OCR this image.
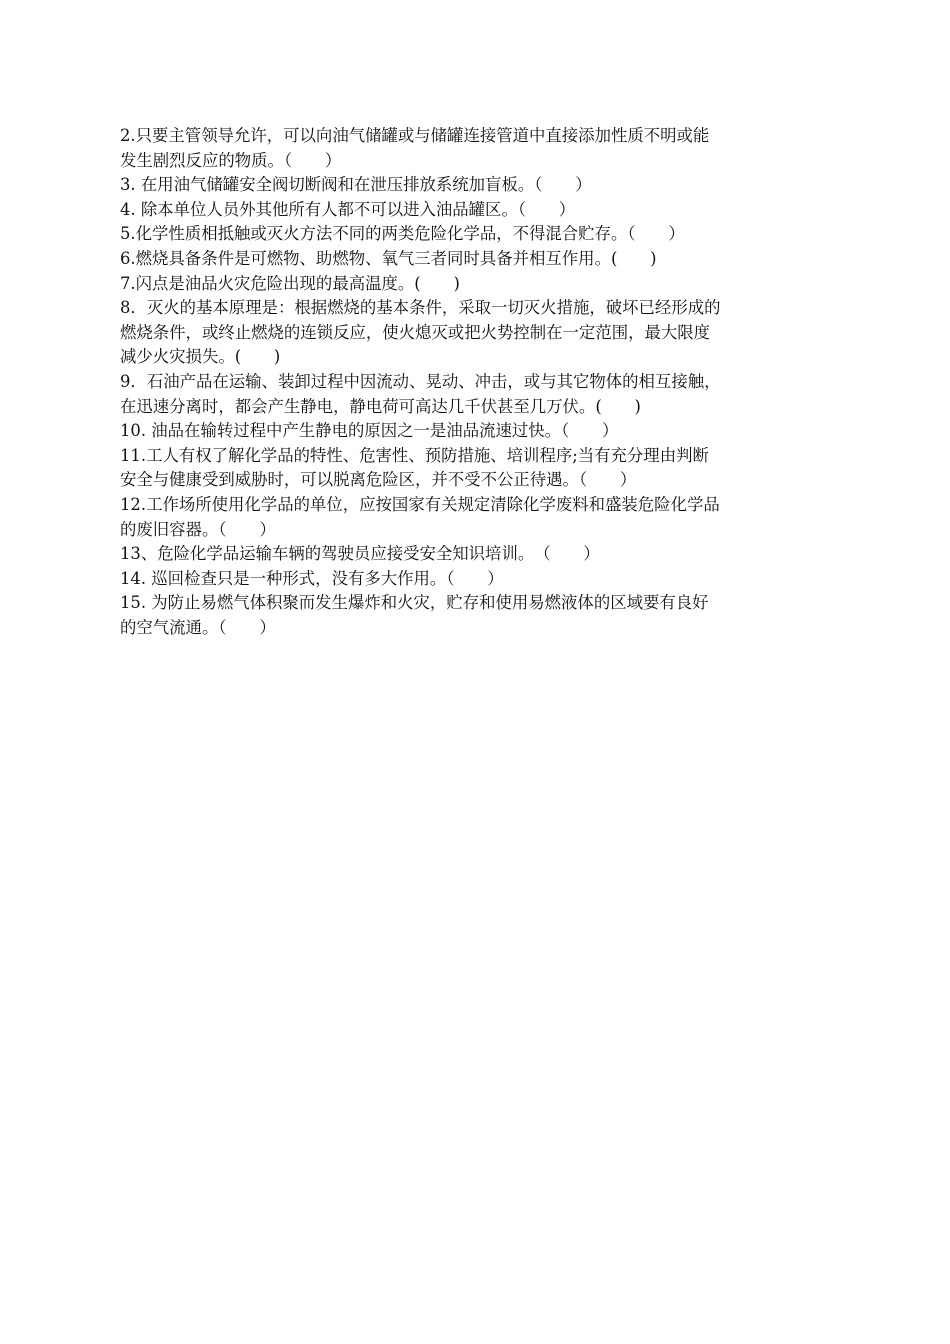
2.只要主管领导允许，可以向油气储罐或与储罐连接管道中直接添加性质不明或能
发生剧烈反应的物质。（　　）
3. 在用油气储罐安全阀切断阀和在泄压排放系统加盲板。（　　）
4. 除本单位人员外其他所有人都不可以进入油品罐区。（　　）
5.化学性质相抵触或灭火方法不同的两类危险化学品，不得混合贮存。（　　）
6.燃烧具备条件是可燃物、助燃物、氧气三者同时具备并相互作用。(　　)
7.闪点是油品火灾危险出现的最高温度。(　　)
8．灭火的基本原理是：根据燃烧的基本条件，采取一切灭火措施，破坏已经形成的
燃烧条件，或终止燃烧的连锁反应，使火熄灭或把火势控制在一定范围，最大限度
减少火灾损失。(　　)
9．石油产品在运输、装卸过程中因流动、晃动、冲击，或与其它物体的相互接触，
在迅速分离时，都会产生静电，静电荷可高达几千伏甚至几万伏。(　　)
10. 油品在输转过程中产生静电的原因之一是油品流速过快。（　　）
11.工人有权了解化学品的特性、危害性、预防措施、培训程序;当有充分理由判断
安全与健康受到威胁时，可以脱离危险区，并不受不公正待遇。（　　）
12.工作场所使用化学品的单位，应按国家有关规定清除化学废料和盛装危险化学品
的废旧容器。（　　）
13、危险化学品运输车辆的驾驶员应接受安全知识培训。　（　　）
14. 巡回检查只是一种形式，没有多大作用。（　　）
15. 为防止易燃气体积聚而发生爆炸和火灾，贮存和使用易燃液体的区域要有良好
的空气流通。（　　）
